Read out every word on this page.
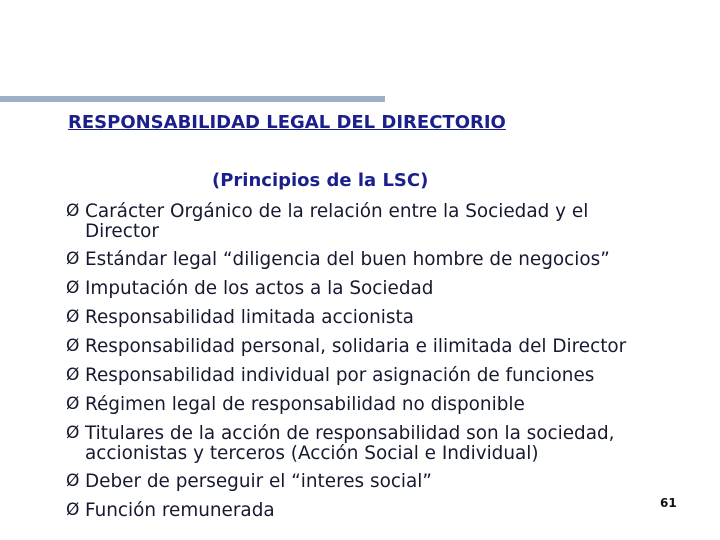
RESPONSABILIDAD LEGAL DEL DIRECTORIO
(Principios de la LSC)
Ø Carácter Orgánico de la relación entre la Sociedad y el
Director
Ø Estándar legal “diligencia del buen hombre de negocios”
Ø Imputación de los actos a la Sociedad
Ø Responsabilidad limitada accionista
Ø Responsabilidad personal, solidaria e ilimitada del Director
Ø Responsabilidad individual por asignación de funciones
Ø Régimen legal de responsabilidad no disponible
Ø Titulares de la acción de responsabilidad son la sociedad,
accionistas y terceros (Acción Social e Individual)
Ø Deber de perseguir el “interes social”
Ø Función remunerada	61
